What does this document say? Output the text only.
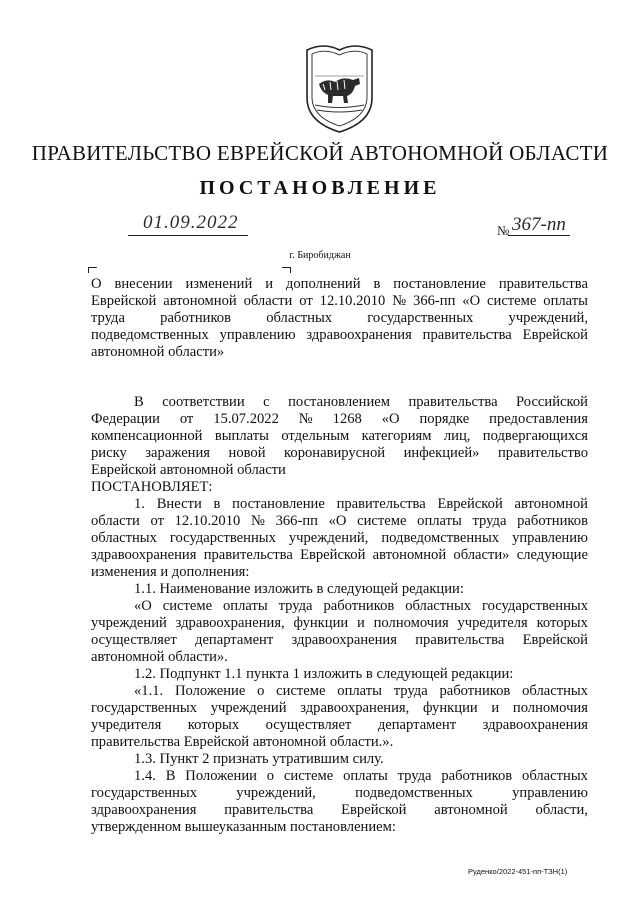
ПРАВИТЕЛЬСТВО ЕВРЕЙСКОЙ АВТОНОМНОЙ ОБЛАСТИ
ПОСТАНОВЛЕНИЕ
01.09.2022	№ 367-пп
г. Биробиджан
О внесении изменений и дополнений в постановление правительства
Еврейской автономной области от 12.10.2010 № 366-пп «О системе оплаты
труда работников областных государственных учреждений,
подведомственных управлению здравоохранения правительства Еврейской
автономной области»
В соответствии с постановлением правительства Российской
Федерации от 15.07.2022 № 1268 «О порядке предоставления
компенсационной выплаты отдельным категориям лиц, подвергающихся
риску заражения новой коронавирусной инфекцией» правительство
Еврейской автономной области
ПОСТАНОВЛЯЕТ:
1. Внести в постановление правительства Еврейской автономной
области от 12.10.2010 № 366-пп «О системе оплаты труда работников
областных государственных учреждений, подведомственных управлению
здравоохранения правительства Еврейской автономной области» следующие
изменения и дополнения:
1.1. Наименование изложить в следующей редакции:
«О системе оплаты труда работников областных государственных
учреждений здравоохранения, функции и полномочия учредителя которых
осуществляет департамент здравоохранения правительства Еврейской
автономной области».
1.2. Подпункт 1.1 пункта 1 изложить в следующей редакции:
«1.1. Положение о системе оплаты труда работников областных
государственных учреждений здравоохранения, функции и полномочия
учредителя которых осуществляет департамент здравоохранения
правительства Еврейской автономной области.».
1.3. Пункт 2 признать утратившим силу.
1.4. В Положении о системе оплаты труда работников областных
государственных	учреждений,	подведомственных	управлению
здравоохранения правительства Еврейской автономной области,
утвержденном вышеуказанным постановлением:
Руденко/2022-451-пп-ТЗН(1)
